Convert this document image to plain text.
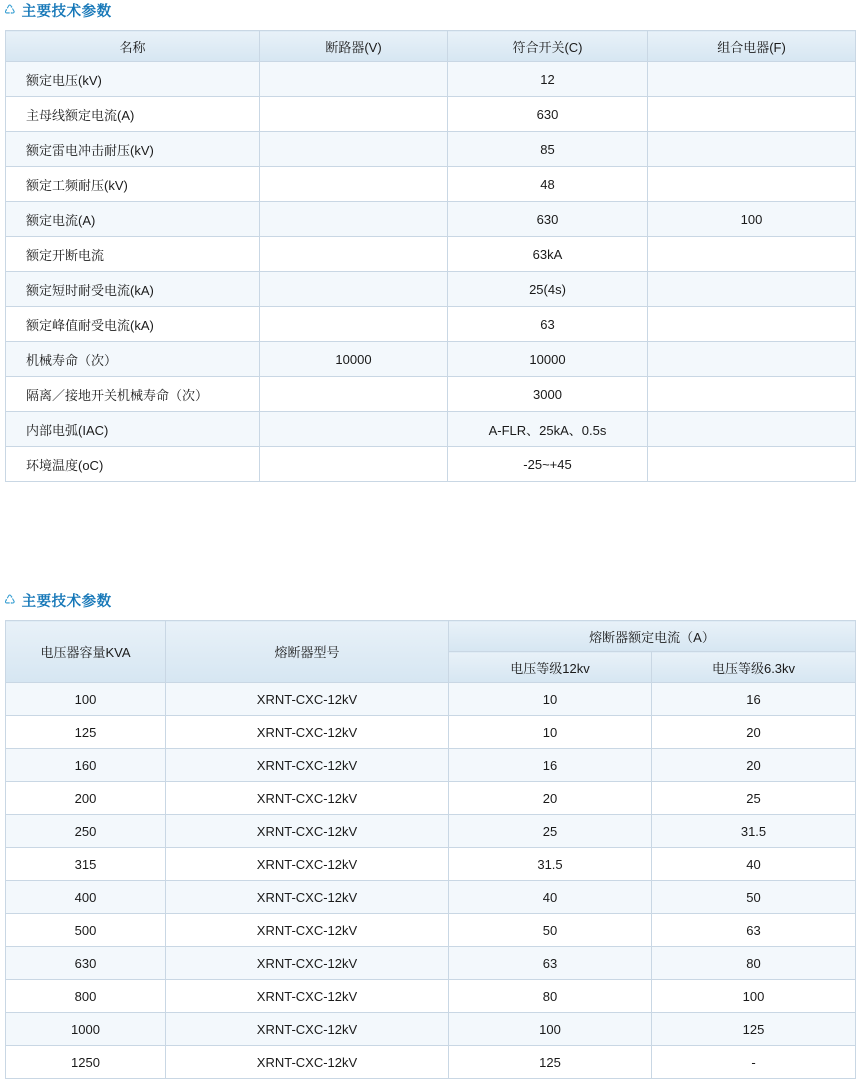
♺ 主要技术参数
名称	断路器(V)	符合开关(C)	组合电器(F)
额定电压(kV)		12	
主母线额定电流(A)		630	
额定雷电冲击耐压(kV)		85	
额定工频耐压(kV)		48	
额定电流(A)		630	100
额定开断电流		63kA	
额定短时耐受电流(kA)		25(4s)	
额定峰值耐受电流(kA)		63	
机械寿命（次）	10000	10000	
隔离／接地开关机械寿命（次）		3000	
内部电弧(IAC)		A-FLR、25kA、0.5s	
环境温度(oC)		-25~+45	
♺ 主要技术参数
电压器容量KVA	熔断器型号	熔断器额定电流（A）	
		电压等级12kv	电压等级6.3kv
100	XRNT-CXC-12kV	10	16
125	XRNT-CXC-12kV	10	20
160	XRNT-CXC-12kV	16	20
200	XRNT-CXC-12kV	20	25
250	XRNT-CXC-12kV	25	31.5
315	XRNT-CXC-12kV	31.5	40
400	XRNT-CXC-12kV	40	50
500	XRNT-CXC-12kV	50	63
630	XRNT-CXC-12kV	63	80
800	XRNT-CXC-12kV	80	100
1000	XRNT-CXC-12kV	100	125
1250	XRNT-CXC-12kV	125	-
